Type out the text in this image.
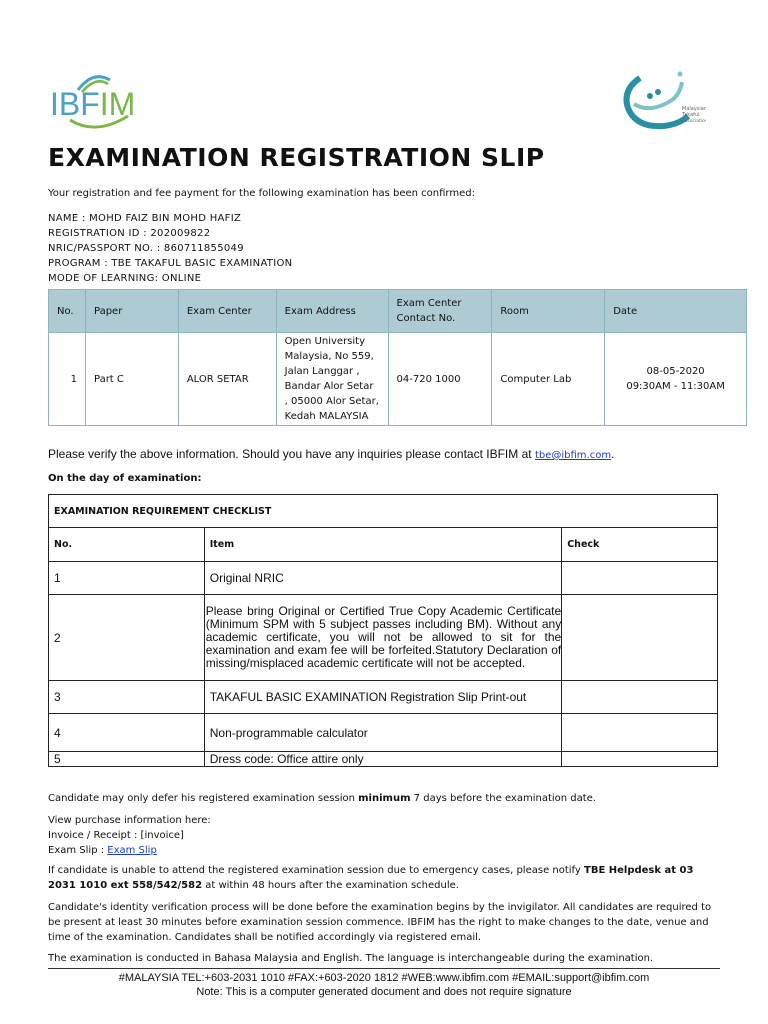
IBFIM	Malaysian
Takaful
Association
EXAMINATION REGISTRATION SLIP
Your registration and fee payment for the following examination has been confirmed:
NAME : MOHD FAIZ BIN MOHD HAFIZ
REGISTRATION ID : 202009822
NRIC/PASSPORT NO. : 860711855049
PROGRAM : TBE TAKAFUL BASIC EXAMINATION
MODE OF LEARNING: ONLINE
No.	Paper	Exam Center	Exam Address	Exam Center Contact No.	Room	Date
1	Part C	ALOR SETAR	Open University Malaysia, No 559, Jalan Langgar , Bandar Alor Setar , 05000 Alor Setar, Kedah MALAYSIA	04-720 1000	Computer Lab	08-05-2020
09:30AM - 11:30AM
Please verify the above information. Should you have any inquiries please contact IBFIM at tbe@ibfim.com.
On the day of examination:
EXAMINATION REQUIREMENT CHECKLIST		
No.	Item	Check
1	Original NRIC	
2	Please bring Original or Certified True Copy Academic Certificate
(Minimum SPM with 5 subject passes including BM). Without any
academic certificate, you will not be allowed to sit for the
examination and exam fee will be forfeited.Statutory Declaration of
missing/misplaced academic certificate will not be accepted.	

3	TAKAFUL BASIC EXAMINATION Registration Slip Print-out	
4	Non-programmable calculator	
5	Dress code: Office attire only	
Candidate may only defer his registered examination session minimum 7 days before the examination date.
View purchase information here:
Invoice / Receipt : [invoice]
Exam Slip : Exam Slip
If candidate is unable to attend the registered examination session due to emergency cases, please notify TBE Helpdesk at 03 2031 1010 ext 558/542/582 at within 48 hours after the examination schedule.
Candidate's identity verification process will be done before the examination begins by the invigilator. All candidates are required to be present at least 30 minutes before examination session commence. IBFIM has the right to make changes to the date, venue and time of the examination. Candidates shall be notified accordingly via registered email.
The examination is conducted in Bahasa Malaysia and English. The language is interchangeable during the examination.
#MALAYSIA TEL:+603-2031 1010 #FAX:+603-2020 1812 #WEB:www.ibfim.com #EMAIL:support@ibfim.com
Note: This is a computer generated document and does not require signature
